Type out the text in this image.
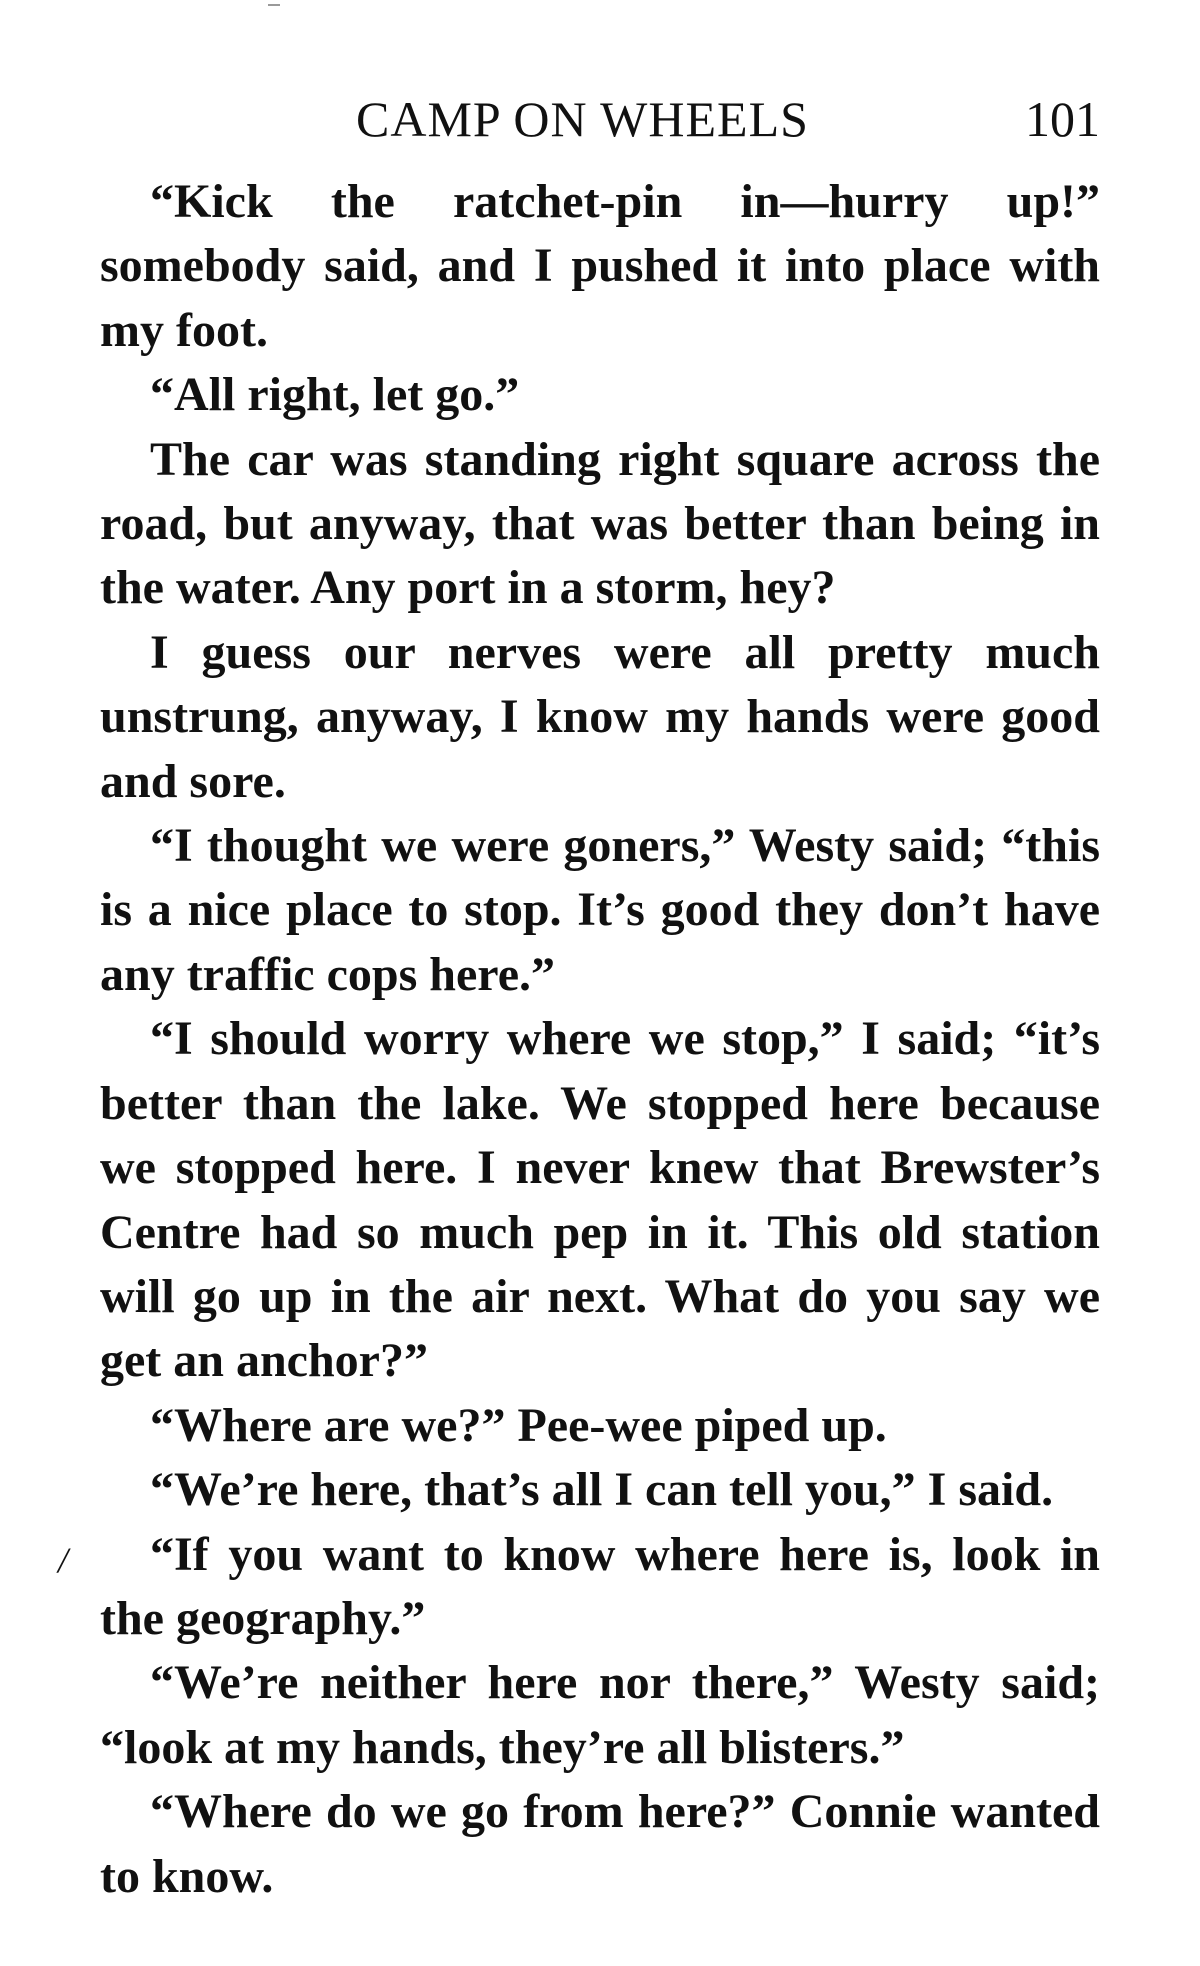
CAMP ON WHEELS	101

“Kick the ratchet-pin in—hurry up!” somebody said, and I pushed it into place with my foot.

“All right, let go.”

The car was standing right square across the road, but anyway, that was better than being in the water. Any port in a storm, hey?

I guess our nerves were all pretty much unstrung, anyway, I know my hands were good and sore.

“I thought we were goners,” Westy said; “this is a nice place to stop. It’s good they don’t have any traffic cops here.”

“I should worry where we stop,” I said; “it’s better than the lake. We stopped here because we stopped here. I never knew that Brewster’s Centre had so much pep in it. This old station will go up in the air next. What do you say we get an anchor?”

“Where are we?” Pee-wee piped up.

“We’re here, that’s all I can tell you,” I said.

“If you want to know where here is, look in the geography.”

“We’re neither here nor there,” Westy said; “look at my hands, they’re all blisters.”

“Where do we go from here?” Connie wanted to know.

/
